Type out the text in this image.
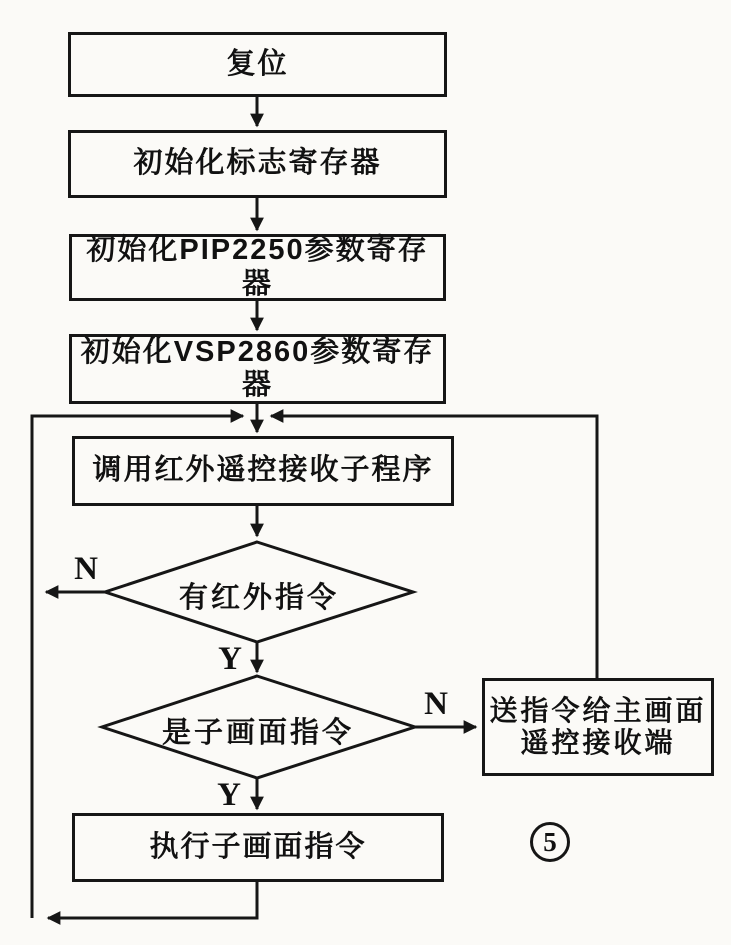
复位
初始化标志寄存器
初始化PIP2250参数寄存器
初始化VSP2860参数寄存器
调用红外遥控接收子程序
送指令给主画面
遥控接收端
执行子画面指令
有红外指令
是子画面指令
N
Y
N
Y
5
